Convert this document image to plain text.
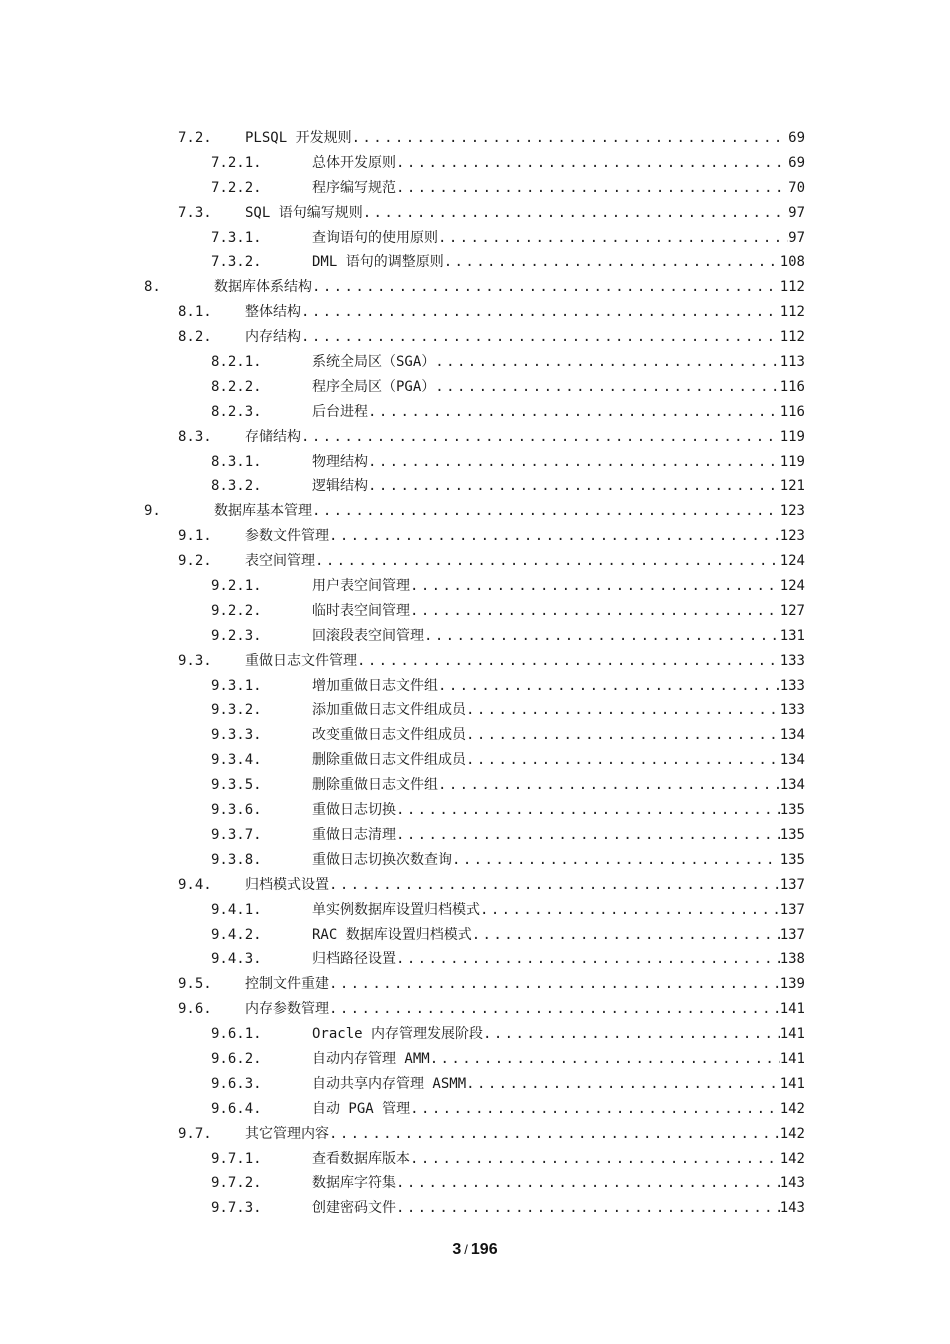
7.2. PLSQL 开发规则 .....	69
7.2.1.	总体开发原则 .....	69
7.2.2.	程序编写规范 .....	70
7.3. SQL 语句编写规则 .....	97
7.3.1.	查询语句的使用原则 .....	97
7.3.2.	DML 语句的调整原则 .....	108
8.	数据库体系结构 .....	112
8.1. 整体结构 .....	112
8.2. 内存结构 .....	112
8.2.1.	系统全局区（SGA） .....	113
8.2.2.	程序全局区（PGA） .....	116
8.2.3.	后台进程 .....	116
8.3. 存储结构 .....	119
8.3.1.	物理结构 .....	119
8.3.2.	逻辑结构 .....	121
9.	数据库基本管理 .....	123
9.1. 参数文件管理 .....	123
9.2. 表空间管理 .....	124
9.2.1.	用户表空间管理 .....	124
9.2.2.	临时表空间管理 .....	127
9.2.3.	回滚段表空间管理 .....	131
9.3. 重做日志文件管理 .....	133
9.3.1.	增加重做日志文件组 .....	133
9.3.2.	添加重做日志文件组成员 .....	133
9.3.3.	改变重做日志文件组成员 .....	134
9.3.4.	删除重做日志文件组成员 .....	134
9.3.5.	删除重做日志文件组 .....	134
9.3.6.	重做日志切换 .....	135
9.3.7.	重做日志清理 .....	135
9.3.8.	重做日志切换次数查询 .....	135
9.4. 归档模式设置 .....	137
9.4.1.	单实例数据库设置归档模式 .....	137
9.4.2.	RAC 数据库设置归档模式 .....	137
9.4.3.	归档路径设置 .....	138
9.5. 控制文件重建 .....	139
9.6. 内存参数管理 .....	141
9.6.1.	Oracle 内存管理发展阶段 .....	141
9.6.2.	自动内存管理 AMM .....	141
9.6.3.	自动共享内存管理 ASMM .....	141
9.6.4.	自动 PGA 管理 .....	142
9.7. 其它管理内容 .....	142
9.7.1.	查看数据库版本 .....	142
9.7.2.	数据库字符集 .....	143
9.7.3.	创建密码文件 .....	143
3 / 196
